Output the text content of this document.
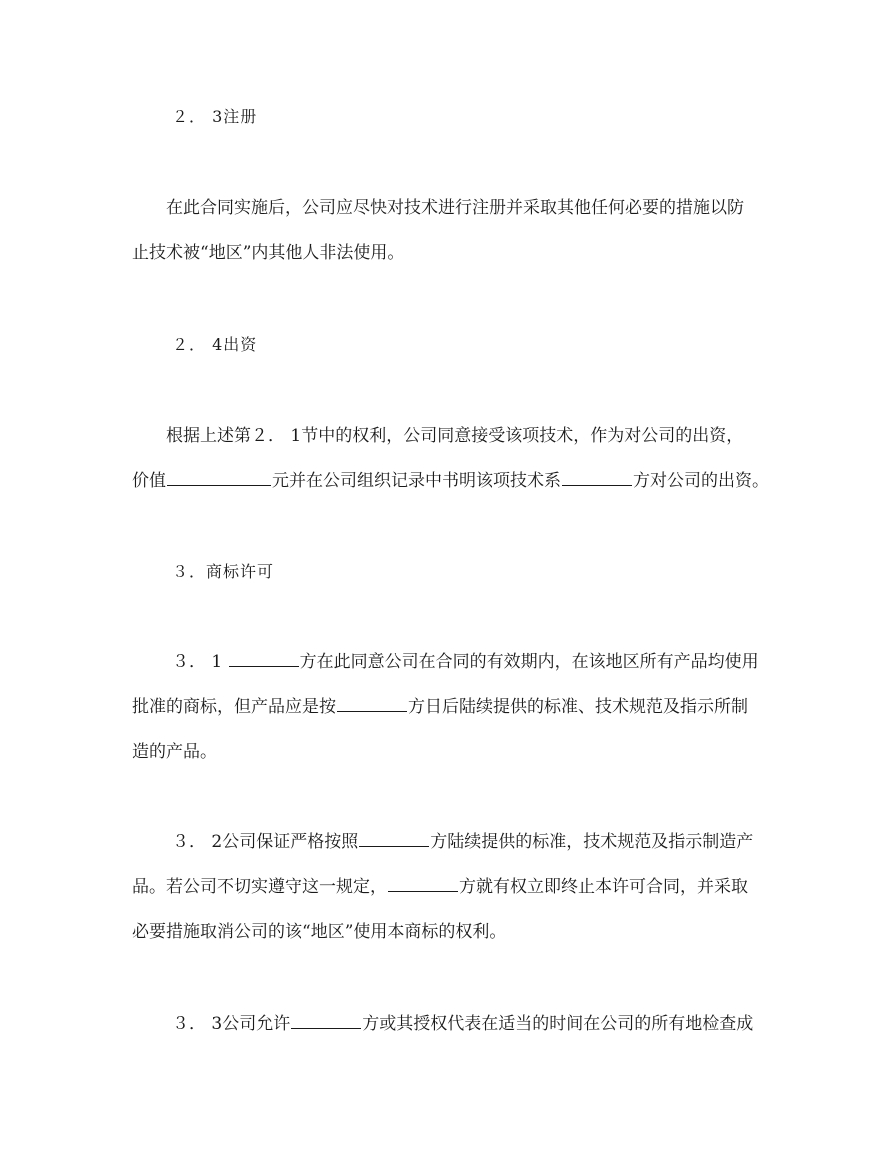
２． 3注册

在此合同实施后，公司应尽快对技术进行注册并采取其他任何必要的措施以防
止技术被“地区”内其他人非法使用。

２． 4出资

根据上述第２． 1节中的权利，公司同意接受该项技术，作为对公司的出资，
价值	元并在公司组织记录中书明该项技术系	方对公司的出资。

３．商标许可

３． 1	方在此同意公司在合同的有效期内，在该地区所有产品均使用
批准的商标，但产品应是按	方日后陆续提供的标准、技术规范及指示所制
造的产品。
３． 2公司保证严格按照	方陆续提供的标准，技术规范及指示制造产
品。若公司不切实遵守这一规定，	方就有权立即终止本许可合同，并采取
必要措施取消公司的该“地区”使用本商标的权利。
３． 3公司允许	方或其授权代表在适当的时间在公司的所有地检查成
